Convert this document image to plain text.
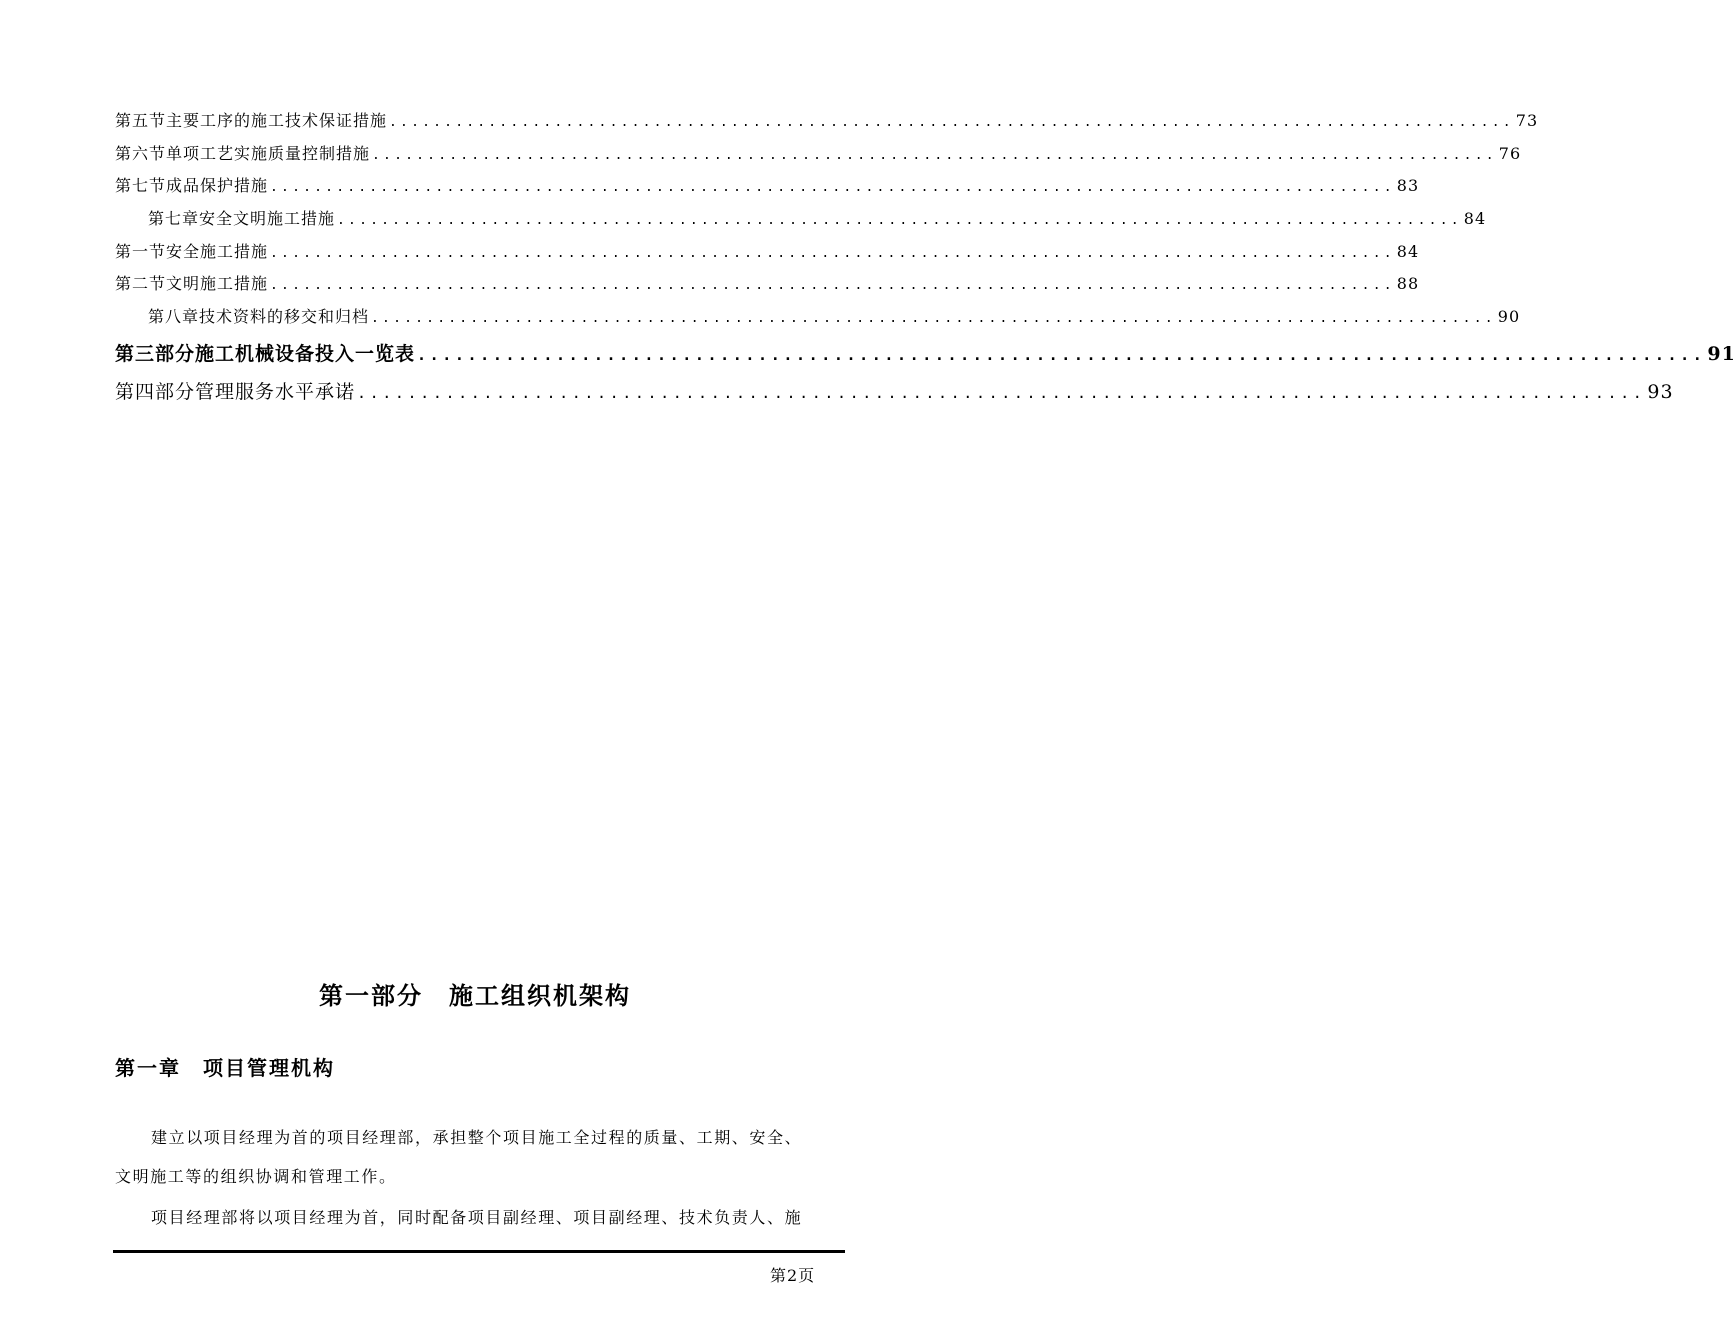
第五节 主要工序的施工技术保证措施 ...................................................................................................... 73
第六节 单项工艺实施质量控制措施 ...................................................................................................... 76
第七节 成品保护措施 ...................................................................................................... 83
第七章 安全文明施工措施 ...................................................................................................... 84
第一节 安全施工措施 ...................................................................................................... 84
第二节 文明施工措施 ...................................................................................................... 88
第八章 技术资料的移交和归档 ...................................................................................................... 90
第三部分 施工机械设备投入一览表 ...................................................................................................... 91
第四部分 管理服务水平承诺 ...................................................................................................... 93
第一部分　施工组织机架构
第一章　项目管理机构
建立以项目经理为首的项目经理部，承担整个项目施工全过程的质量、工期、安全、
文明施工等的组织协调和管理工作。
项目经理部将以项目经理为首，同时配备项目副经理、项目副经理、技术负责人、施
第2页
